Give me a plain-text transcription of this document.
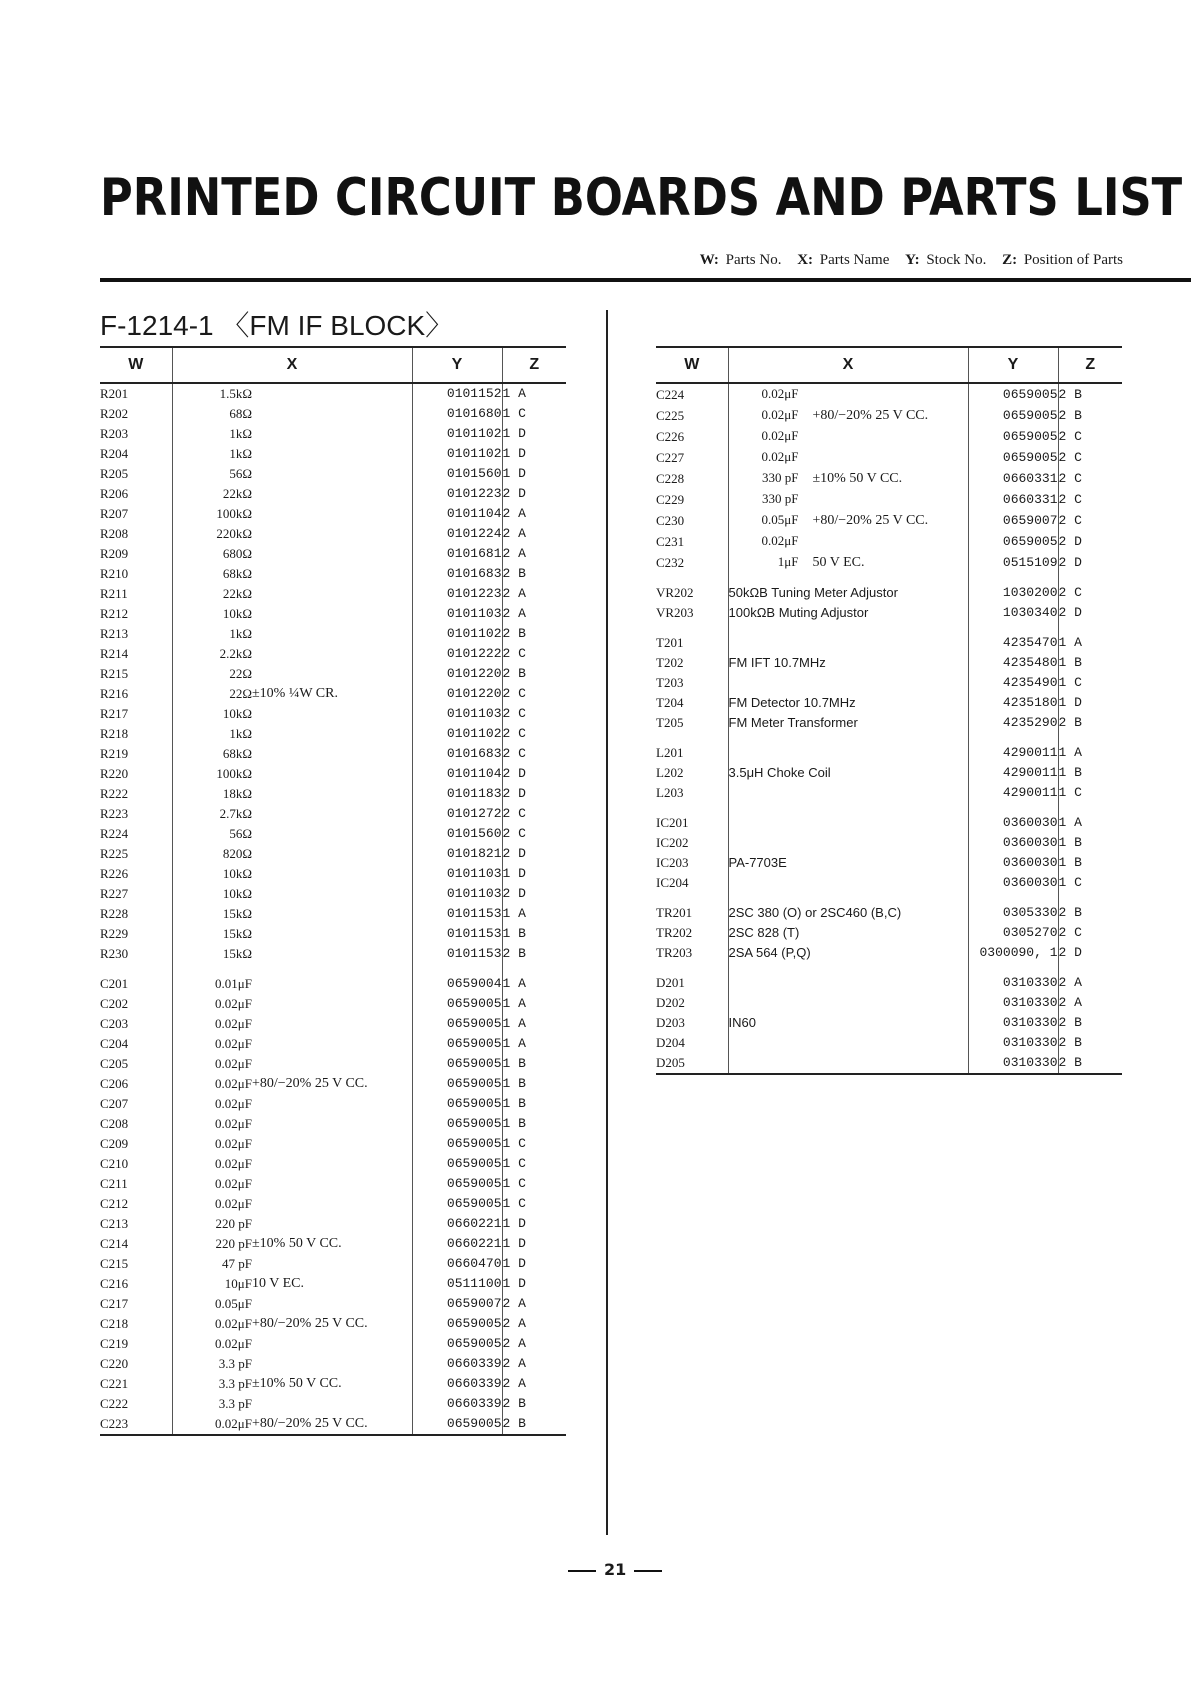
PRINTED CIRCUIT BOARDS AND PARTS LIST
W: Parts No. X: Parts Name Y: Stock No. Z: Position of Parts
F-1214-1 〈FM IF BLOCK〉
W	X		Y	Z
R201	1.5kΩ		0101152	1 A
R202	68Ω		0101680	1 C
R203	1kΩ		0101102	1 D
R204	1kΩ		0101102	1 D
R205	56Ω		0101560	1 D
R206	22kΩ		0101223	2 D
R207	100kΩ		0101104	2 A
R208	220kΩ		0101224	2 A
R209	680Ω		0101681	2 A
R210	68kΩ		0101683	2 B
R211	22kΩ		0101223	2 A
R212	10kΩ		0101103	2 A
R213	1kΩ		0101102	2 B
R214	2.2kΩ		0101222	2 C
R215	22Ω		0101220	2 B
R216	22Ω	±10% ¼W CR.	0101220	2 C
R217	10kΩ		0101103	2 C
R218	1kΩ		0101102	2 C
R219	68kΩ		0101683	2 C
R220	100kΩ		0101104	2 D
R222	18kΩ		0101183	2 D
R223	2.7kΩ		0101272	2 C
R224	56Ω		0101560	2 C
R225	820Ω		0101821	2 D
R226	10kΩ		0101103	1 D
R227	10kΩ		0101103	2 D
R228	15kΩ		0101153	1 A
R229	15kΩ		0101153	1 B
R230	15kΩ		0101153	2 B

C201	0.01μF		0659004	1 A
C202	0.02μF		0659005	1 A
C203	0.02μF		0659005	1 A
C204	0.02μF		0659005	1 A
C205	0.02μF		0659005	1 B
C206	0.02μF	+80/−20% 25 V CC.	0659005	1 B
C207	0.02μF		0659005	1 B
C208	0.02μF		0659005	1 B
C209	0.02μF		0659005	1 C
C210	0.02μF		0659005	1 C
C211	0.02μF		0659005	1 C
C212	0.02μF		0659005	1 C
C213	220 pF		0660221	1 D
C214	220 pF	±10% 50 V CC.	0660221	1 D
C215	47 pF		0660470	1 D
C216	10μF	10 V EC.	0511100	1 D
C217	0.05μF		0659007	2 A
C218	0.02μF	+80/−20% 25 V CC.	0659005	2 A
C219	0.02μF		0659005	2 A
C220	3.3 pF		0660339	2 A
C221	3.3 pF	±10% 50 V CC.	0660339	2 A
C222	3.3 pF		0660339	2 B
C223	0.02μF	+80/−20% 25 V CC.	0659005	2 B
W	X	Y	Z
C224	0.02μF	0659005	2 B
C225	0.02μF +80/−20% 25 V CC.	0659005	2 B
C226	0.02μF	0659005	2 C
C227	0.02μF	0659005	2 C
C228	330 pF ±10% 50 V CC.	0660331	2 C
C229	330 pF	0660331	2 C
C230	0.05μF +80/−20% 25 V CC.	0659007	2 C
C231	0.02μF	0659005	2 D
C232	1μF 50 V EC.	0515109	2 D

VR202	50kΩB Tuning Meter Adjustor	1030200	2 C
VR203	100kΩB Muting Adjustor	1030340	2 D

T201		4235470	1 A
T202	FM IFT 10.7MHz	4235480	1 B
T203		4235490	1 C
T204	FM Detector 10.7MHz	4235180	1 D
T205	FM Meter Transformer	4235290	2 B

L201		4290011	1 A
L202	3.5μH Choke Coil	4290011	1 B
L203		4290011	1 C

IC201		0360030	1 A
IC202		0360030	1 B
IC203	PA-7703E	0360030	1 B
IC204		0360030	1 C

TR201	2SC 380 (O) or 2SC460 (B,C)	0305330	2 B
TR202	2SC 828 (T)	0305270	2 C
TR203	2SA 564 (P,Q)	0300090, 1	2 D

D201		0310330	2 A
D202		0310330	2 A
D203	IN60	0310330	2 B
D204		0310330	2 B
D205		0310330	2 B
21
